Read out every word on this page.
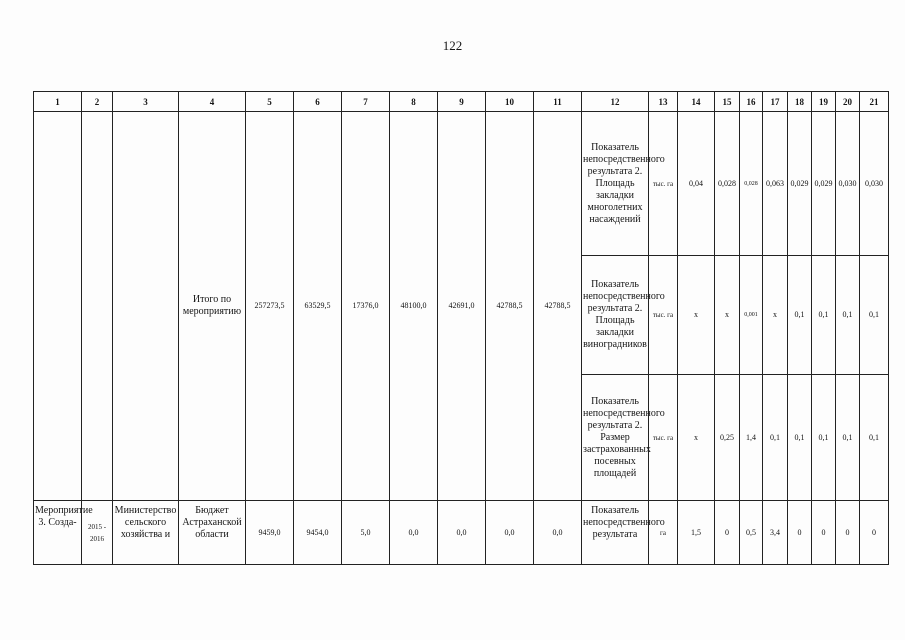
122
1	2	3	4	5	6	7	8	9	10	11	12	13	14	15	16	17	18	19	20	21
			Итого по мероприятию	257273,5	63529,5	17376,0	48100,0	42691,0	42788,5	42788,5	Показатель непосредственного результата 2. Площадь закладки многолетних насаждений	тыс. га	0,04	0,028	0,028	0,063	0,029	0,029	0,030	0,030
											Показатель непосредственного результата 2. Площадь закладки виноградников	тыс. га	x	x	0,001	x	0,1	0,1	0,1	0,1
											Показатель непосредственного результата 2. Размер застрахованных посевных площадей	тыс. га	x	0,25	1,4	0,1	0,1	0,1	0,1	0,1
Мероприятие 3. Созда-	2015 - 2016	Министерство сельского хозяйства и	Бюджет Астраханской области	9459,0	9454,0	5,0	0,0	0,0	0,0	0,0	Показатель непосредственного результата	га	1,5	0	0,5	3,4	0	0	0	0
